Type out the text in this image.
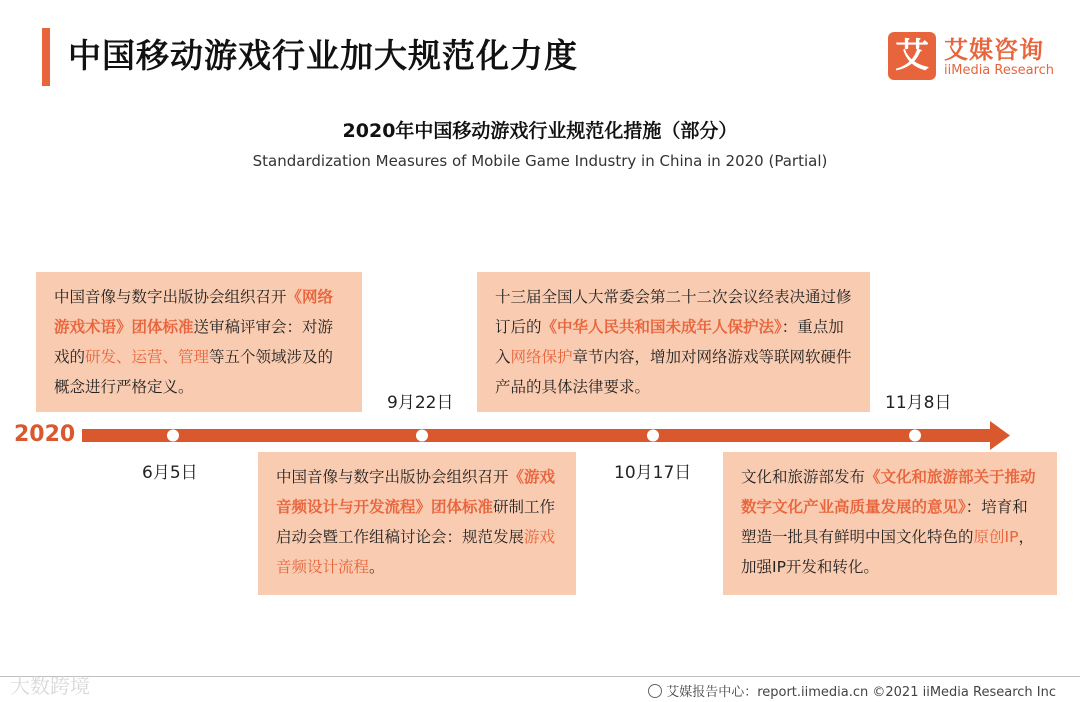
中国移动游戏行业加大规范化力度	艾 艾媒咨询
iiMedia Research
2020年中国移动游戏行业规范化措施（部分）
Standardization Measures of Mobile Game Industry in China in 2020 (Partial)
2020
6月5日
9月22日
10月17日
11月8日
中国音像与数字出版协会组织召开《网络游戏术语》团体标准送审稿评审会：对游戏的研发、运营、管理等五个领域涉及的概念进行严格定义。
中国音像与数字出版协会组织召开《游戏音频设计与开发流程》团体标准研制工作启动会暨工作组稿讨论会：规范发展游戏音频设计流程。
十三届全国人大常委会第二十二次会议经表决通过修订后的《中华人民共和国未成年人保护法》：重点加入网络保护章节内容，增加对网络游戏等联网软硬件产品的具体法律要求。
文化和旅游部发布《文化和旅游部关于推动数字文化产业高质量发展的意见》：培育和塑造一批具有鲜明中国文化特色的原创IP，加强IP开发和转化。
大数跨境	艾媒报告中心：report.iimedia.cn ©2021 iiMedia Research Inc
